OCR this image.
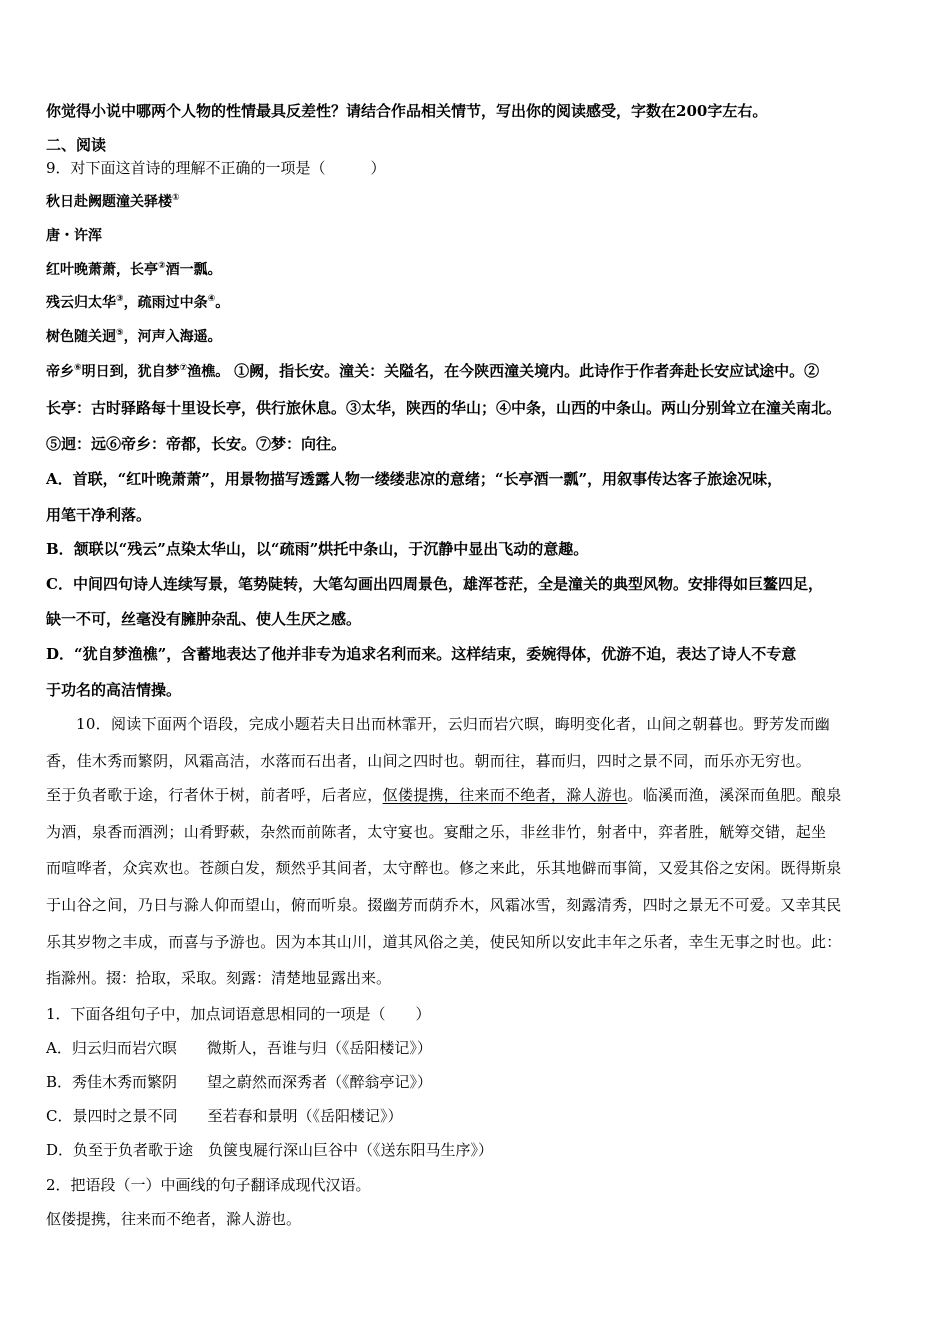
你觉得小说中哪两个人物的性情最具反差性？请结合作品相关情节，写出你的阅读感受，字数在200字左右。
二、阅读
9．对下面这首诗的理解不正确的一项是（　　　）
秋日赴阙题潼关驿楼①
唐・许浑
红叶晚萧萧，长亭②酒一瓢。
残云归太华③，疏雨过中条④。
树色随关迥⑤，河声入海遥。
帝乡⑥明日到，犹自梦⑦渔樵。 ①阙，指长安。潼关：关隘名，在今陕西潼关境内。此诗作于作者奔赴长安应试途中。②
长亭：古时驿路每十里设长亭，供行旅休息。③太华，陕西的华山；④中条，山西的中条山。两山分别耸立在潼关南北。
⑤迥：远⑥帝乡：帝都，长安。⑦梦：向往。
A．首联，“红叶晚萧萧”，用景物描写透露人物一缕缕悲凉的意绪；“长亭酒一瓢”，用叙事传达客子旅途况味，
用笔干净利落。
B．颔联以“残云”点染太华山，以“疏雨”烘托中条山，于沉静中显出飞动的意趣。
C．中间四句诗人连续写景，笔势陡转，大笔勾画出四周景色，雄浑苍茫，全是潼关的典型风物。安排得如巨鳌四足，
缺一不可，丝毫没有臃肿杂乱、使人生厌之感。
D．“犹自梦渔樵”，含蓄地表达了他并非专为追求名利而来。这样结束，委婉得体，优游不迫，表达了诗人不专意
于功名的高洁情操。
10．阅读下面两个语段，完成小题若夫日出而林霏开，云归而岩穴暝，晦明变化者，山间之朝暮也。野芳发而幽
香，佳木秀而繁阴，风霜高洁，水落而石出者，山间之四时也。朝而往，暮而归，四时之景不同，而乐亦无穷也。
至于负者歌于途，行者休于树，前者呼，后者应，伛偻提携，往来而不绝者，滁人游也。临溪而渔，溪深而鱼肥。酿泉
为酒，泉香而酒洌；山肴野蔌，杂然而前陈者，太守宴也。宴酣之乐，非丝非竹，射者中，弈者胜，觥筹交错，起坐
而喧哗者，众宾欢也。苍颜白发，颓然乎其间者，太守醉也。修之来此，乐其地僻而事简，又爱其俗之安闲。既得斯泉
于山谷之间，乃日与滁人仰而望山，俯而听泉。掇幽芳而荫乔木，风霜冰雪，刻露清秀，四时之景无不可爱。又幸其民
乐其岁物之丰成，而喜与予游也。因为本其山川，道其风俗之美，使民知所以安此丰年之乐者，幸生无事之时也。此：
指滁州。掇：拾取，采取。刻露：清楚地显露出来。
1．下面各组句子中，加点词语意思相同的一项是（　　）
A．归云归而岩穴暝　　微斯人，吾谁与归（《岳阳楼记》）
B．秀佳木秀而繁阴　　望之蔚然而深秀者（《醉翁亭记》）
C．景四时之景不同　　至若春和景明（《岳阳楼记》）
D．负至于负者歌于途　负箧曳屣行深山巨谷中（《送东阳马生序》）
2．把语段（一）中画线的句子翻译成现代汉语。
伛偻提携，往来而不绝者，滁人游也。
